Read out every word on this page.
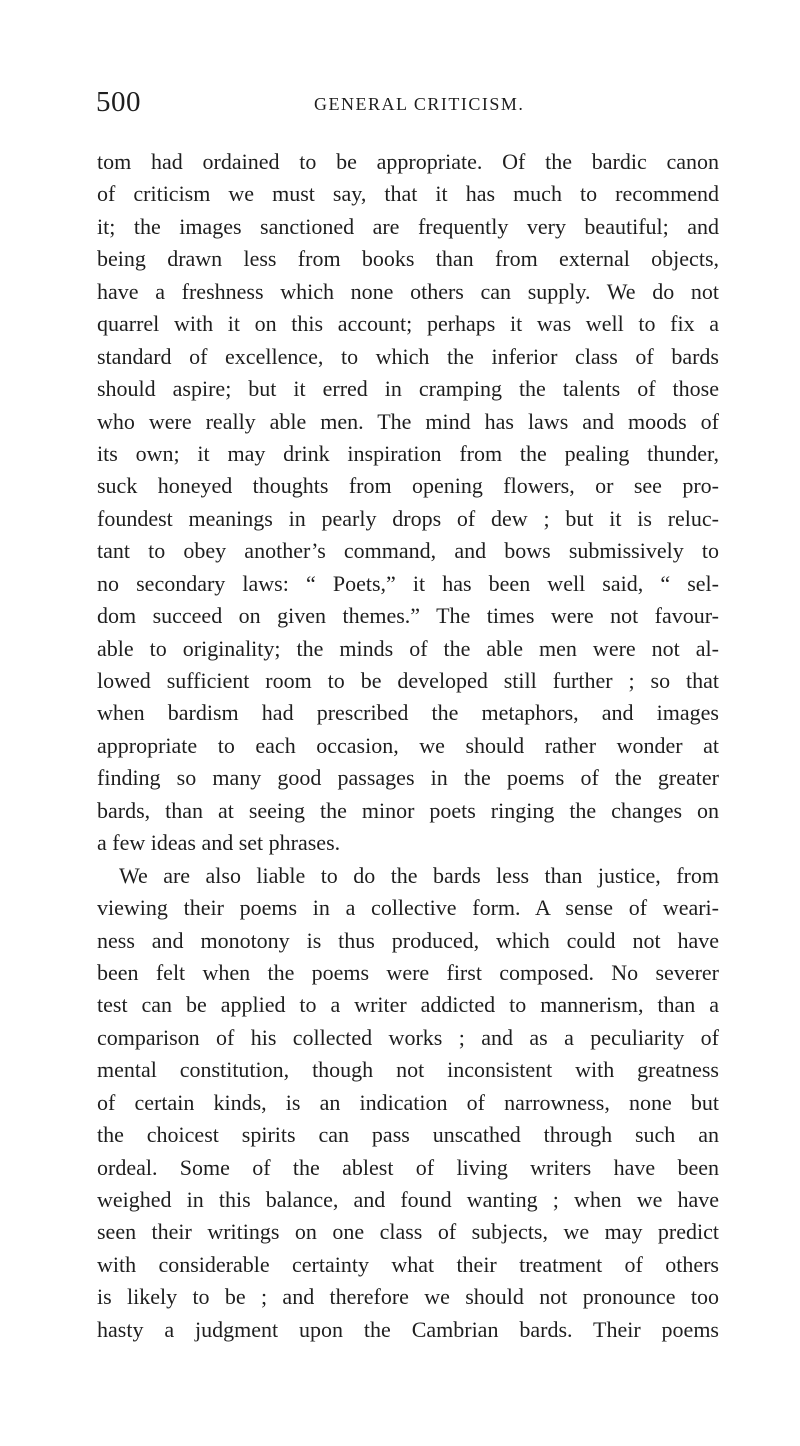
500	GENERAL CRITICISM.
tom had ordained to be appropriate. Of the bardic canon
of criticism we must say, that it has much to recommend
it; the images sanctioned are frequently very beautiful; and
being drawn less from books than from external objects,
have a freshness which none others can supply. We do not
quarrel with it on this account; perhaps it was well to fix a
standard of excellence, to which the inferior class of bards
should aspire; but it erred in cramping the talents of those
who were really able men. The mind has laws and moods of
its own; it may drink inspiration from the pealing thunder,
suck honeyed thoughts from opening flowers, or see pro-
foundest meanings in pearly drops of dew ; but it is reluc-
tant to obey another’s command, and bows submissively to
no secondary laws: “ Poets,” it has been well said, “ sel-
dom succeed on given themes.” The times were not favour-
able to originality; the minds of the able men were not al-
lowed sufficient room to be developed still further ; so that
when bardism had prescribed the metaphors, and images
appropriate to each occasion, we should rather wonder at
finding so many good passages in the poems of the greater
bards, than at seeing the minor poets ringing the changes on
a few ideas and set phrases.
We are also liable to do the bards less than justice, from
viewing their poems in a collective form. A sense of weari-
ness and monotony is thus produced, which could not have
been felt when the poems were first composed. No severer
test can be applied to a writer addicted to mannerism, than a
comparison of his collected works ; and as a peculiarity of
mental constitution, though not inconsistent with greatness
of certain kinds, is an indication of narrowness, none but
the choicest spirits can pass unscathed through such an
ordeal. Some of the ablest of living writers have been
weighed in this balance, and found wanting ; when we have
seen their writings on one class of subjects, we may predict
with considerable certainty what their treatment of others
is likely to be ; and therefore we should not pronounce too
hasty a judgment upon the Cambrian bards. Their poems
